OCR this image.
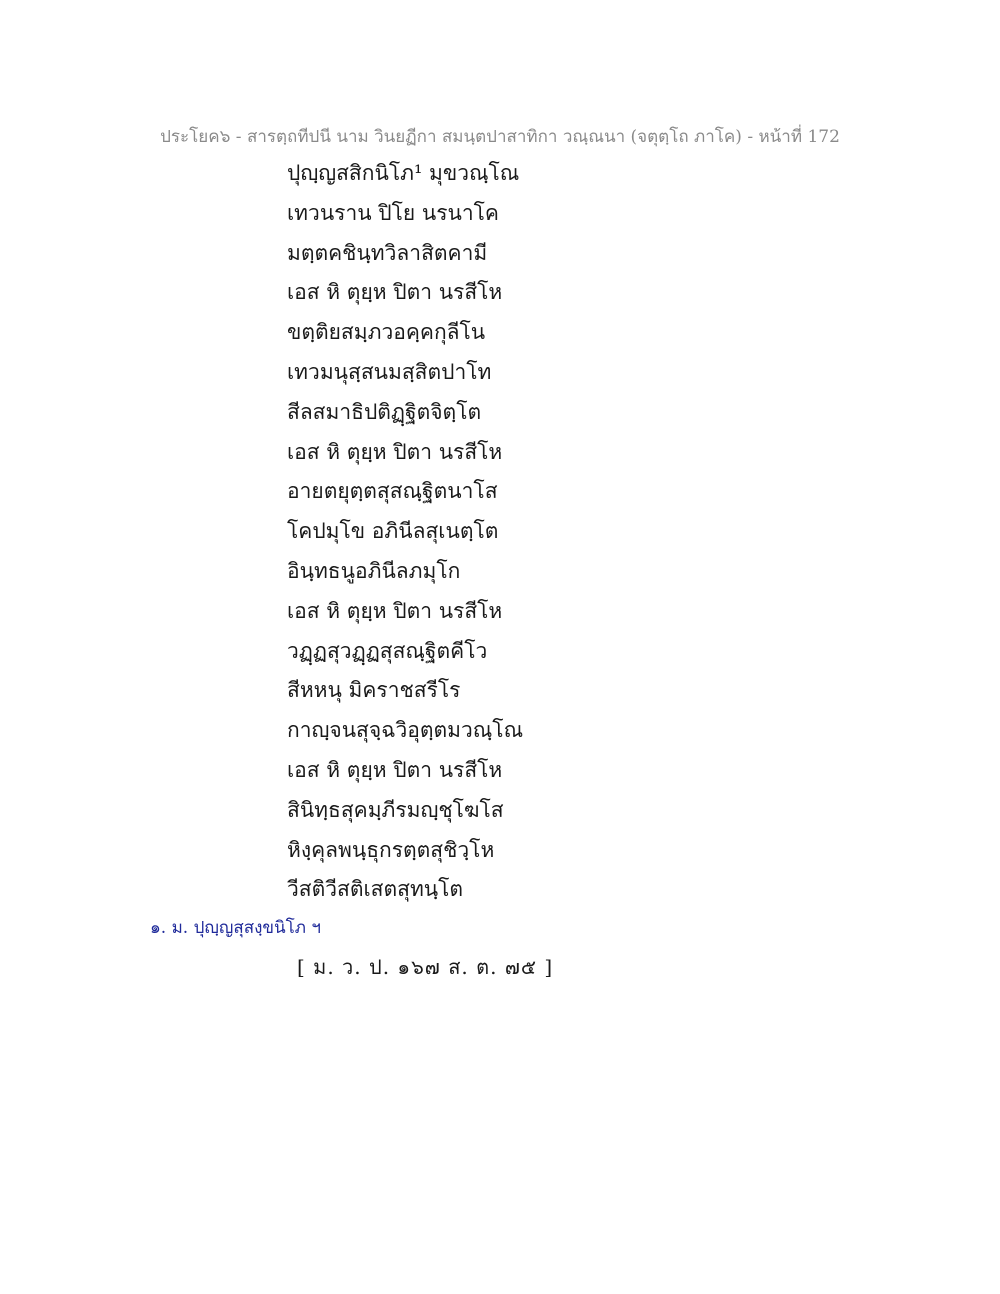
ประโยค๖ - สารตฺถทีปนี นาม วินยฏีกา สมนฺตปาสาทิกา วณฺณนา (จตุตฺโถ ภาโค) - หน้าที่ 172
ปุญฺญสสิกนิโภ¹ มุขวณฺโณ
เทวนราน ปิโย นรนาโค
มตฺตคชินฺทวิลาสิตคามี
เอส หิ ตุยฺห ปิตา นรสีโห
ขตฺติยสมฺภวอคฺคกุลีโน
เทวมนุสฺสนมสฺสิตปาโท
สีลสมาธิปติฏฺฐิตจิตฺโต
เอส หิ ตุยฺห ปิตา นรสีโห
อายตยุตฺตสุสณฺฐิตนาโส
โคปมุโข อภินีลสุเนตฺโต
อินฺทธนูอภินีลภมุโก
เอส หิ ตุยฺห ปิตา นรสีโห
วฏฺฏสุวฏฺฏสุสณฺฐิตคีโว
สีหหนุ มิคราชสรีโร
กาญฺจนสุจฺฉวิอุตฺตมวณฺโณ
เอส หิ ตุยฺห ปิตา นรสีโห
สินิทฺธสุคมฺภีรมญฺชุโฆโส
หิงฺคุลพนฺธุกรตฺตสุชิวฺโห
วีสติวีสติเสตสุทนฺโต
๑. ม. ปุญฺญสุสงฺขนิโภ ฯ
[ ม. ว. ป. ๑๖๗ ส. ต. ๗๕ ]
